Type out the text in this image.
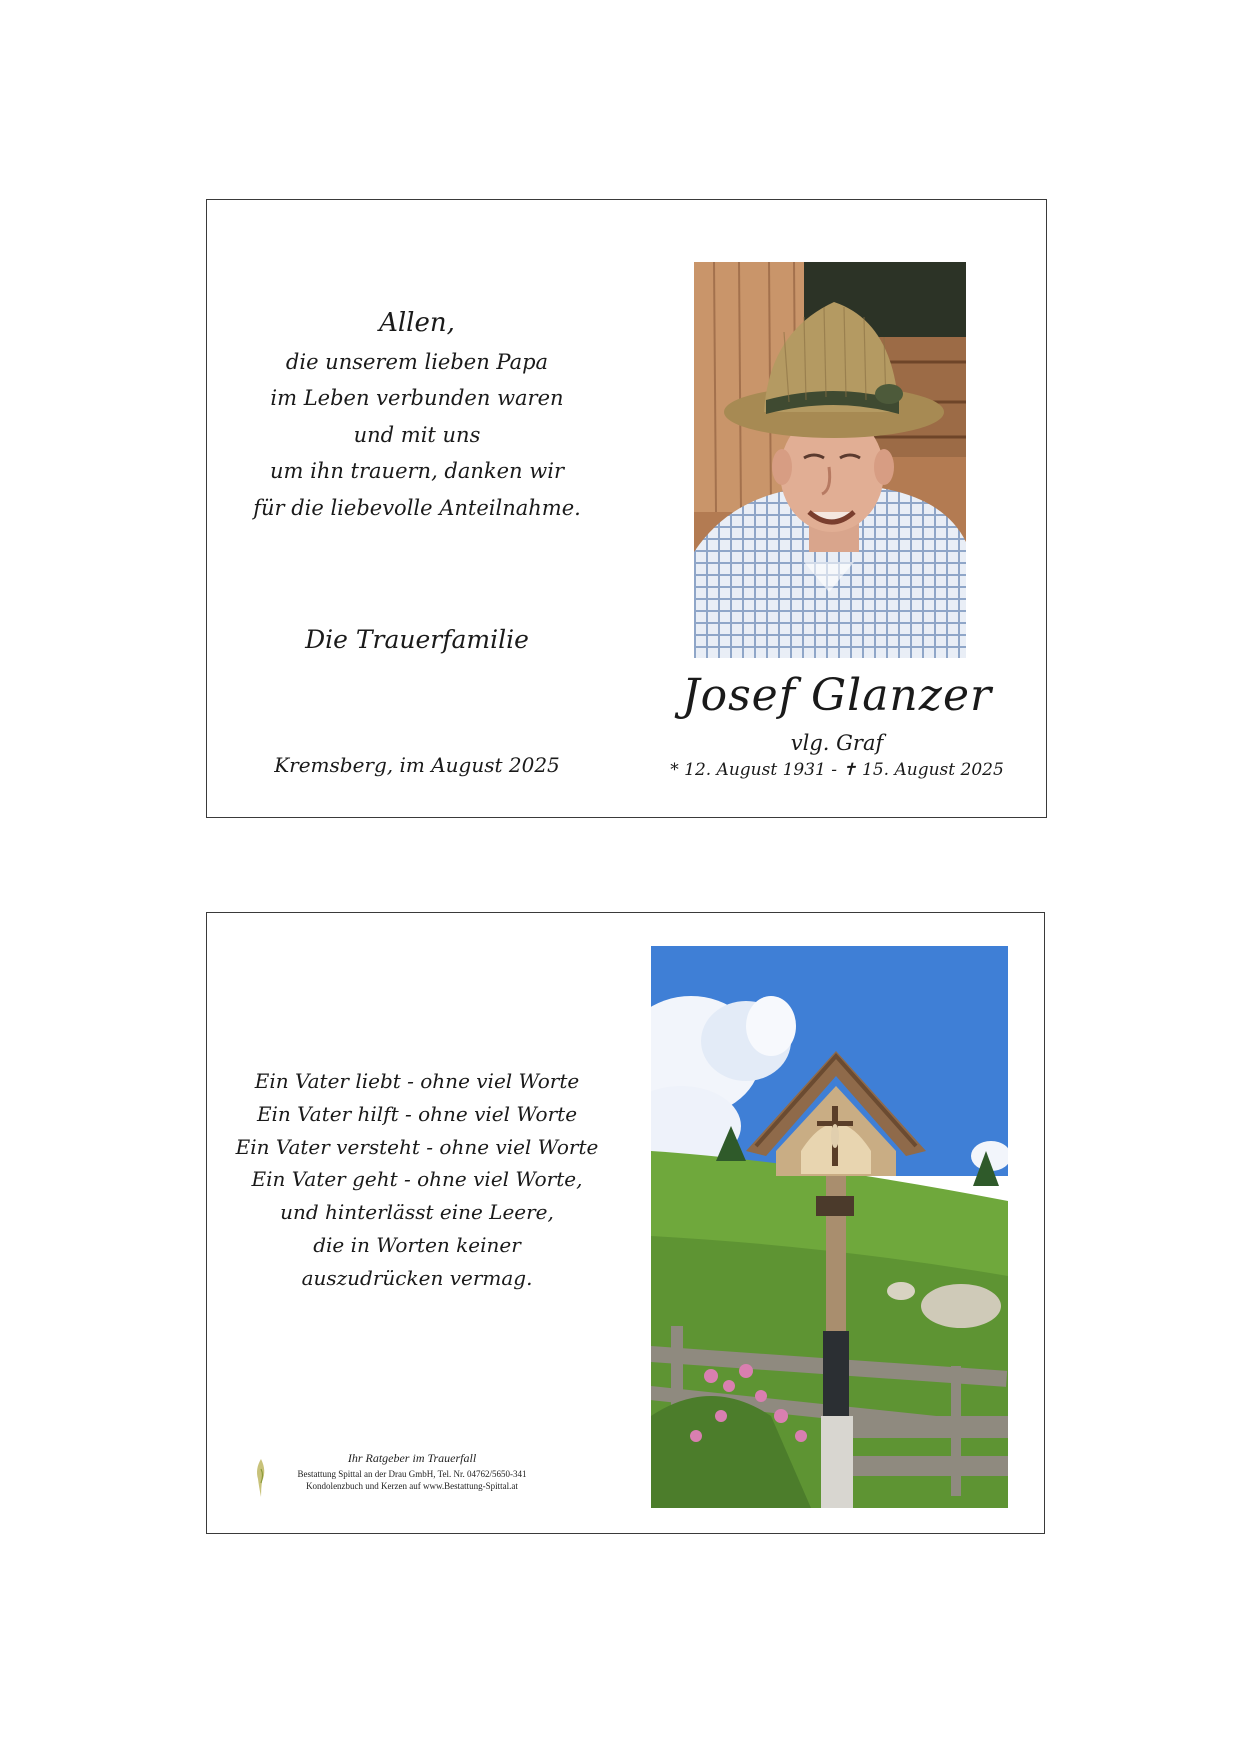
Allen,
die unserem lieben Papa
im Leben verbunden waren
und mit uns
um ihn trauern, danken wir
für die liebevolle Anteilnahme.
Die Trauerfamilie
Kremsberg, im August 2025
Josef Glanzer
vlg. Graf
* 12. August 1931 - ✝ 15. August 2025
Ein Vater liebt - ohne viel Worte
Ein Vater hilft - ohne viel Worte
Ein Vater versteht - ohne viel Worte
Ein Vater geht - ohne viel Worte,
und hinterlässt eine Leere,
die in Worten keiner
auszudrücken vermag.
Ihr Ratgeber im Trauerfall
Bestattung Spittal an der Drau GmbH, Tel. Nr. 04762/5650-341
Kondolenzbuch und Kerzen auf www.Bestattung-Spittal.at
